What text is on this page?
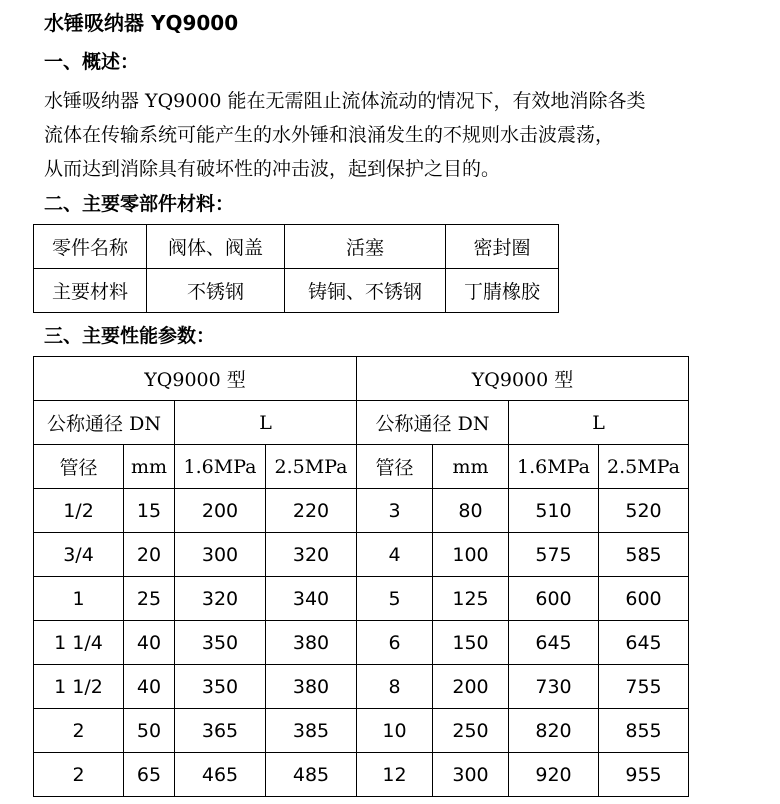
水锤吸纳器 YQ9000
一、概述：
水锤吸纳器 YQ9000 能在无需阻止流体流动的情况下，有效地消除各类
流体在传输系统可能产生的水外锤和浪涌发生的不规则水击波震荡，
从而达到消除具有破坏性的冲击波，起到保护之目的。
二、主要零部件材料：
零件名称	阀体、阀盖	活塞	密封圈
主要材料	不锈钢	铸铜、不锈钢	丁腈橡胶
三、主要性能参数：
YQ9000 型				YQ9000 型			
公称通径 DN		L		公称通径 DN		L	
管径	mm	1.6MPa	2.5MPa	管径	mm	1.6MPa	2.5MPa
1/2	15	200	220	3	80	510	520
3/4	20	300	320	4	100	575	585
1	25	320	340	5	125	600	600
1 1/4	40	350	380	6	150	645	645
1 1/2	40	350	380	8	200	730	755
2	50	365	385	10	250	820	855
2	65	465	485	12	300	920	955
